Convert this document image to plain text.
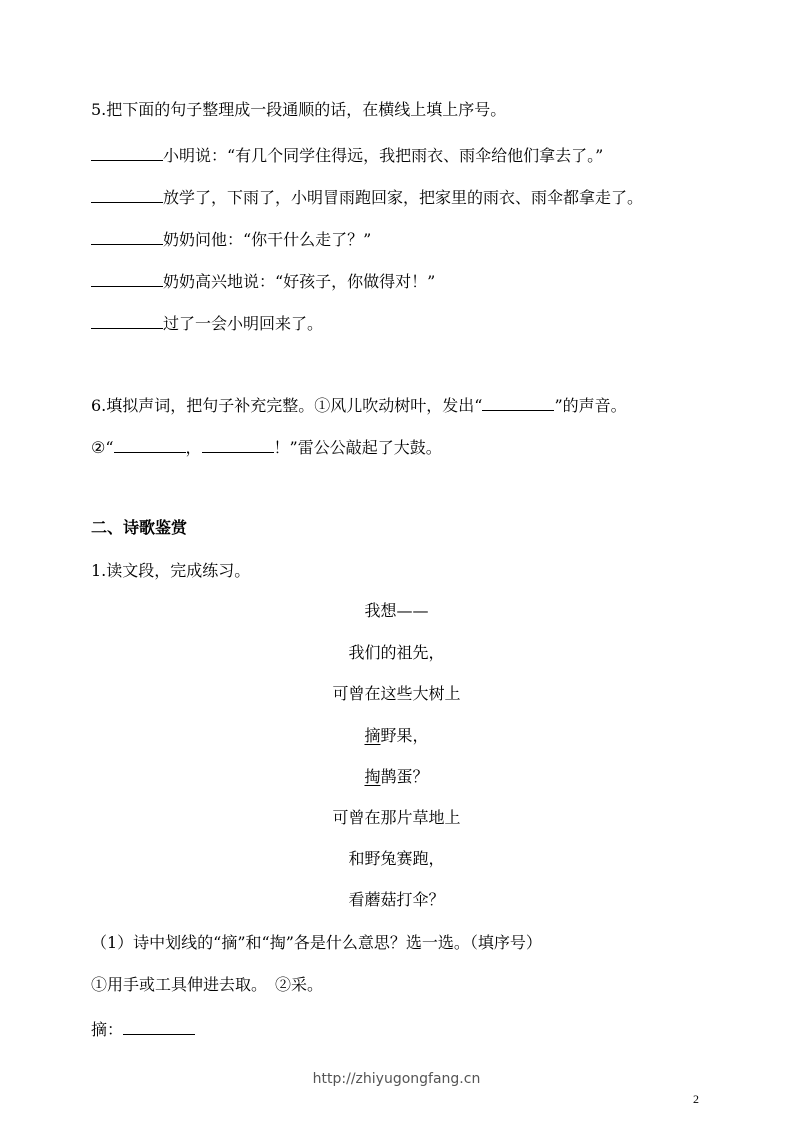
5.把下面的句子整理成一段通顺的话，在横线上填上序号。
小明说：“有几个同学住得远，我把雨衣、雨伞给他们拿去了。”
放学了，下雨了，小明冒雨跑回家，把家里的雨衣、雨伞都拿走了。
奶奶问他：“你干什么走了？”
奶奶高兴地说：“好孩子，你做得对！”
过了一会小明回来了。
6.填拟声词，把句子补充完整。①风儿吹动树叶，发出“	”的声音。
②“	，	！”雷公公敲起了大鼓。
二、诗歌鉴赏
1.读文段，完成练习。
我想——
我们的祖先，
可曾在这些大树上
摘野果，
掏鹊蛋？
可曾在那片草地上
和野兔赛跑，
看蘑菇打伞？
（1）诗中划线的“摘”和“掏”各是什么意思？选一选。（填序号）
①用手或工具伸进去取。　②采。
摘：
http://zhiyugongfang.cn
2
